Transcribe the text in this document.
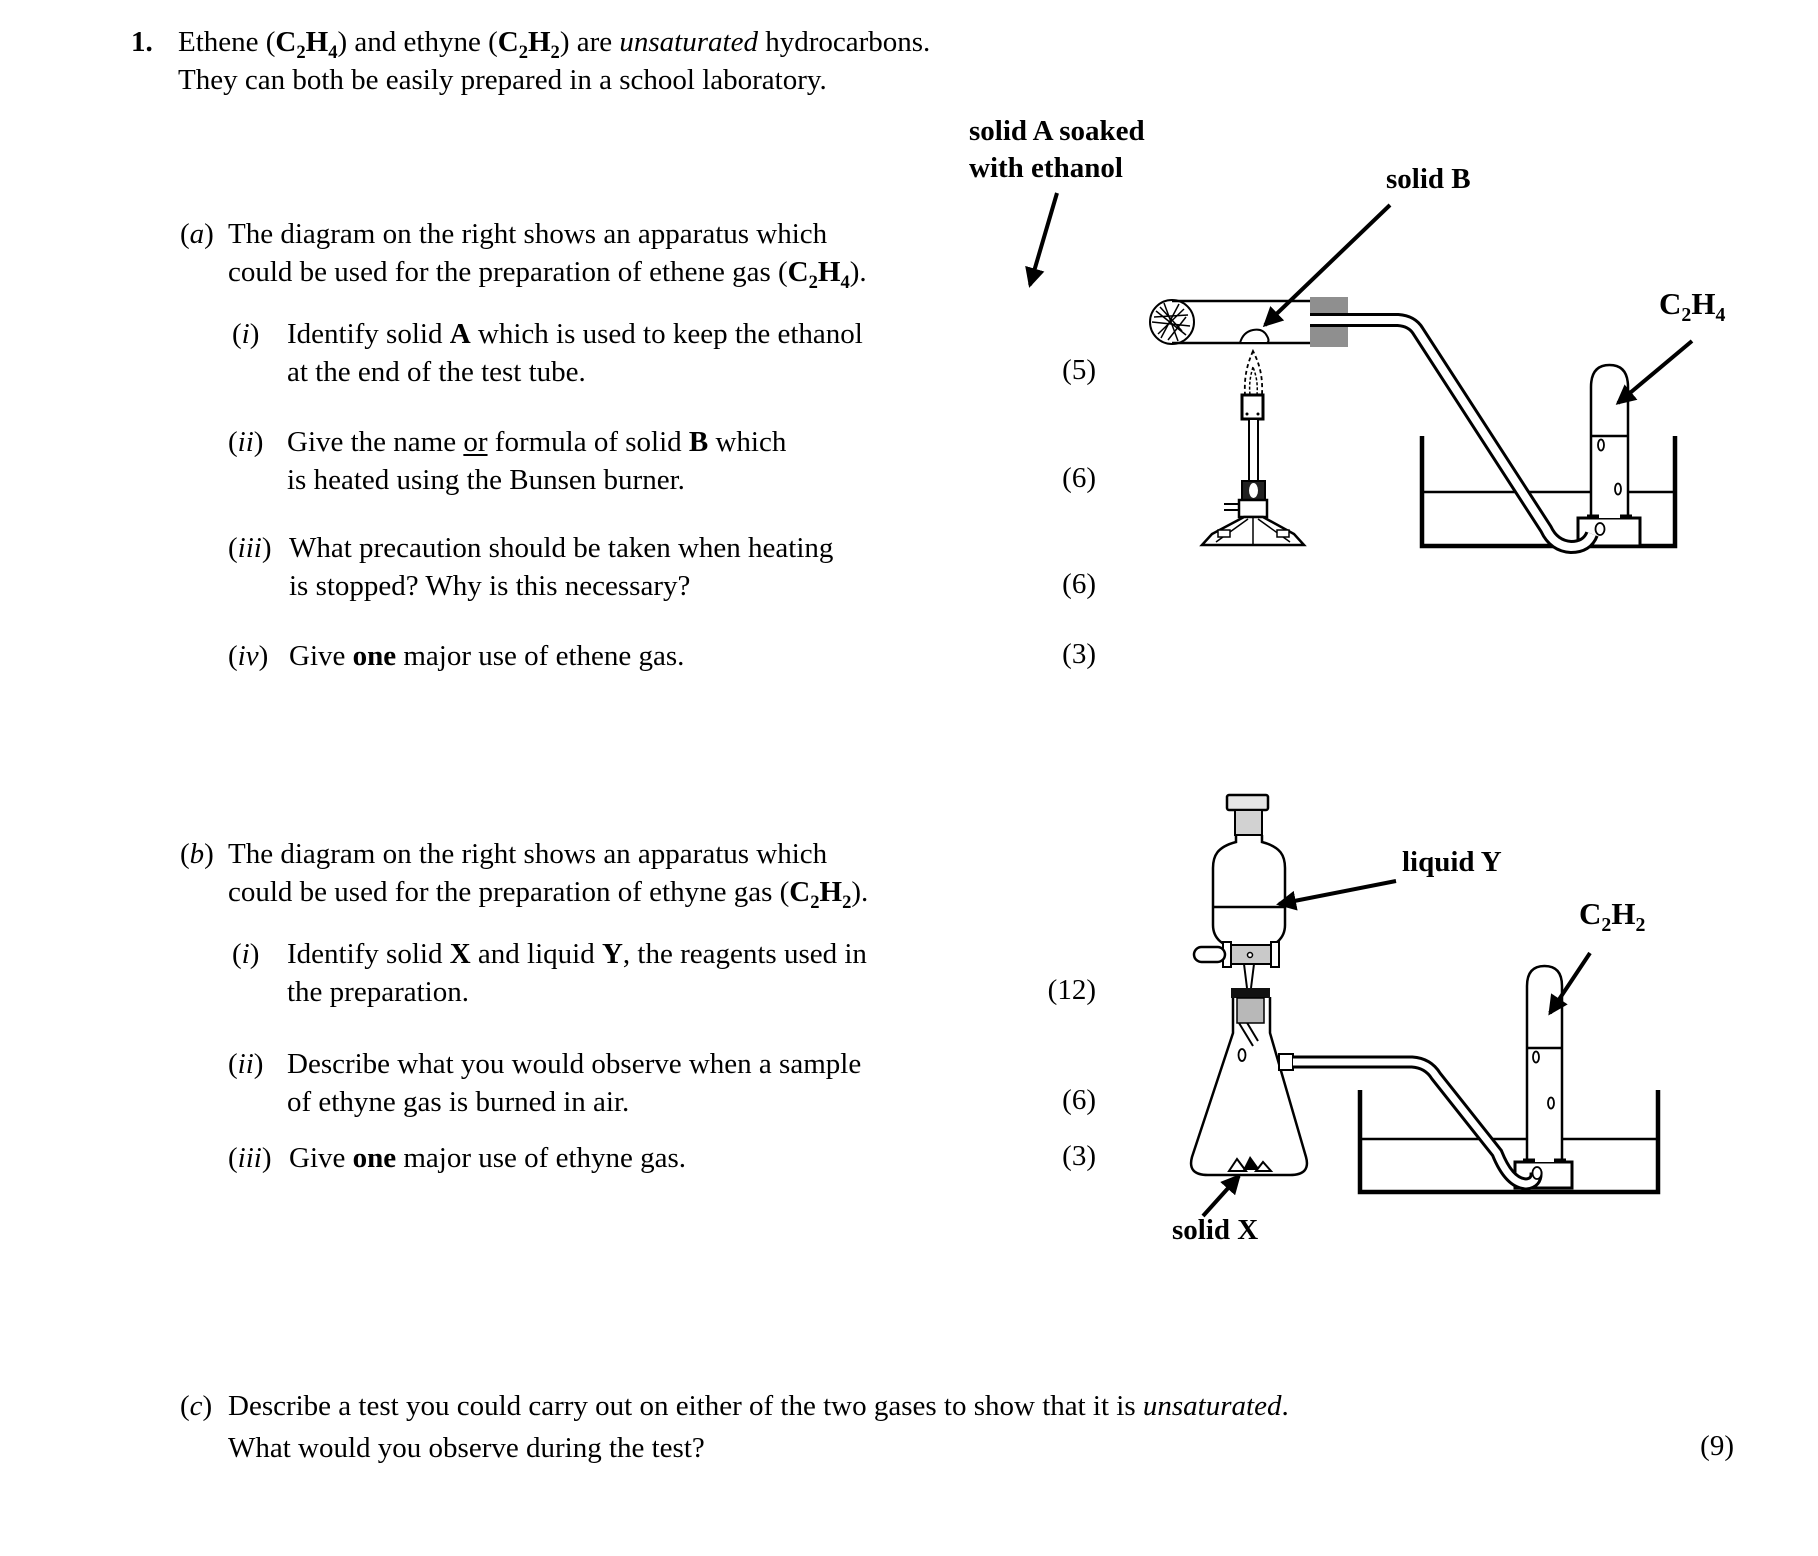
1. Ethene $(C_2H_4)$ and ethyne $(C_2H_2)$ are unsaturated hydrocarbons.
They can both be easily prepared in a school laboratory.
(a) The diagram on the right shows an apparatus which
could be used for the preparation of ethene gas $(C_2H_4)$.
(i) Identify solid A which is used to keep the ethanol
at the end of the test tube.	(5)
(ii) Give the name or formula of solid B which
is heated using the Bunsen burner.	(6)
(iii) What precaution should be taken when heating
is stopped? Why is this necessary?	(6)
(iv) Give one major use of ethene gas.	(3)
(b) The diagram on the right shows an apparatus which
could be used for the preparation of ethyne gas $(C_2H_2)$.
(i) Identify solid X and liquid Y, the reagents used in
the preparation.	(12)
(ii) Describe what you would observe when a sample
of ethyne gas is burned in air.	(6)
(iii) Give one major use of ethyne gas.	(3)
(c) Describe a test you could carry out on either of the two gases to show that it is unsaturated.
What would you observe during the test?	(9)
solid A soaked
with ethanol	solid B
$C_2H_4$
liquid Y
$C_2H_2$
solid X
